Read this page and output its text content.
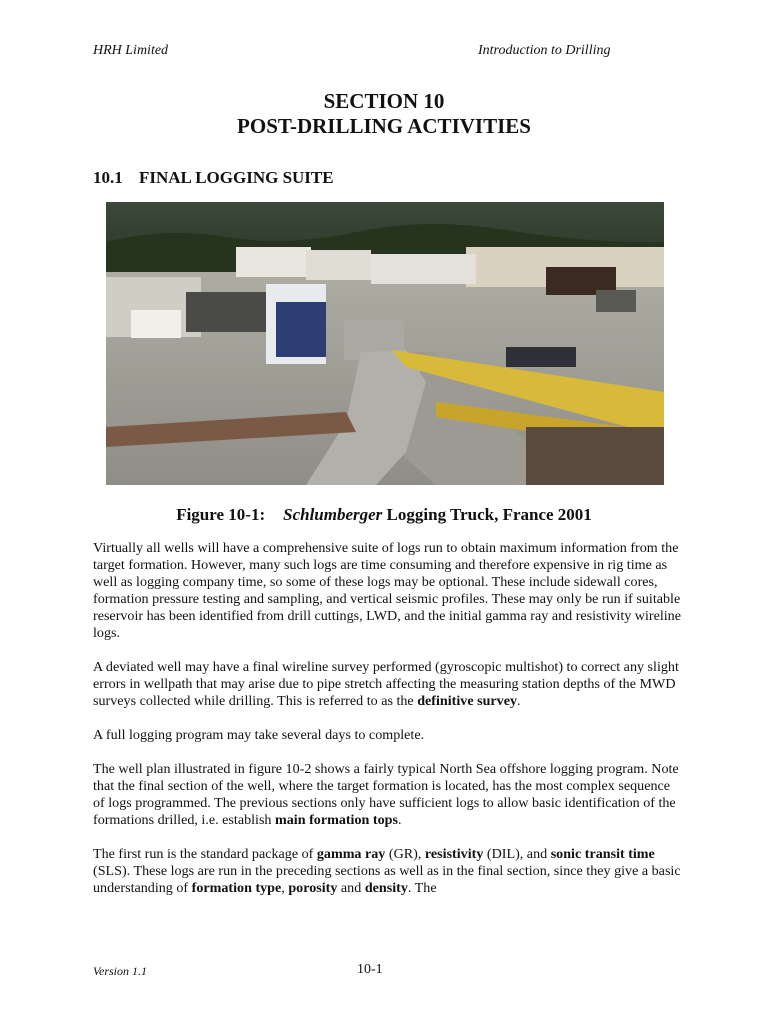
HRH Limited	Introduction to Drilling
SECTION 10
POST-DRILLING ACTIVITIES
10.1 FINAL LOGGING SUITE
Figure 10-1: Schlumberger Logging Truck, France 2001

Virtually all wells will have a comprehensive suite of logs run to obtain maximum information from the target formation. However, many such logs are time consuming and therefore expensive in rig time as well as logging company time, so some of these logs may be optional. These include sidewall cores, formation pressure testing and sampling, and vertical seismic profiles. These may only be run if suitable reservoir has been identified from drill cuttings, LWD, and the initial gamma ray and resistivity wireline logs.

A deviated well may have a final wireline survey performed (gyroscopic multishot) to correct any slight errors in wellpath that may arise due to pipe stretch affecting the measuring station depths of the MWD surveys collected while drilling. This is referred to as the definitive survey.

A full logging program may take several days to complete.

The well plan illustrated in figure 10-2 shows a fairly typical North Sea offshore logging program. Note that the final section of the well, where the target formation is located, has the most complex sequence of logs programmed. The previous sections only have sufficient logs to allow basic identification of the formations drilled, i.e. establish main formation tops.

The first run is the standard package of gamma ray (GR), resistivity (DIL), and sonic transit time (SLS). These logs are run in the preceding sections as well as in the final section, since they give a basic understanding of formation type, porosity and density. The

Version 1.1	10-1
